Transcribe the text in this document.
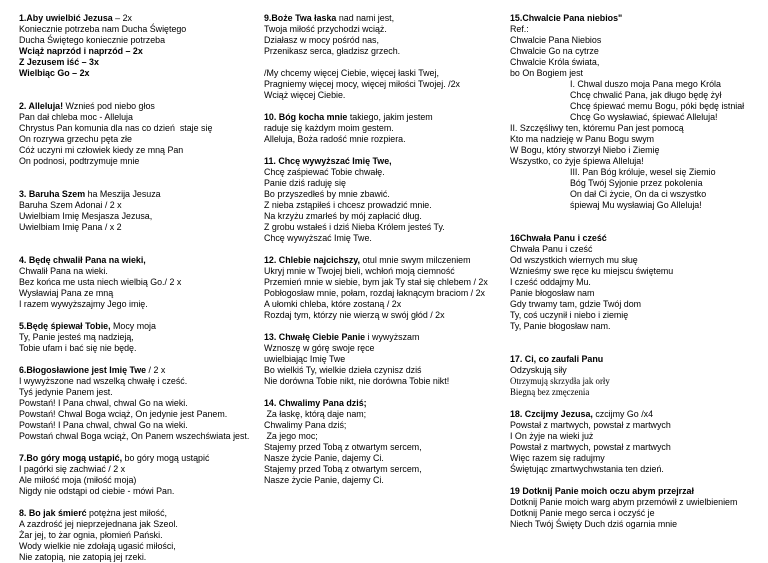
1.Aby uwielbić Jezusa – 2x
Koniecznie potrzeba nam Ducha Świętego
Ducha Świętego koniecznie potrzeba
Wciąż naprzód i naprzód – 2x
Z Jezusem iść – 3x
Wielbiąc Go – 2x
2. Alleluja! Wznieś pod niebo głos
Pan dał chleba moc - Alleluja
Chrystus Pan komunia dla nas co dzień  staje się
On rozrywa grzechu pęta złe
Cóż uczyni mi człowiek kiedy ze mną Pan
On podnosi, podtrzymuje mnie
3. Baruha Szem ha Meszija Jesuza
Baruha Szem Adonai / 2 x
Uwielbiam Imię Mesjasza Jezusa,
Uwielbiam Imię Pana / x 2
4. Będę chwalił Pana na wieki,
Chwalił Pana na wieki.
Bez końca me usta niech wielbią Go./ 2 x
Wysławiaj Pana ze mną
I razem wywyższajmy Jego imię.
5.Będę śpiewał Tobie, Mocy moja
Ty, Panie jesteś mą nadzieją,
Tobie ufam i bać się nie będę.
6.Błogosławione jest Imię Twe / 2 x
I wywyższone nad wszelką chwałę i cześć.
Tyś jedynie Panem jest.
Powstań! I Pana chwal, chwal Go na wieki.
Powstań! Chwal Boga wciąż, On jedynie jest Panem.
Powstań! I Pana chwal, chwal Go na wieki.
Powstań chwal Boga wciąż, On Panem wszechświata jest.
7.Bo góry mogą ustąpić, bo góry mogą ustąpić
I pagórki się zachwiać / 2 x
Ale miłość moja (miłość moja)
Nigdy nie odstąpi od ciebie - mówi Pan.
8. Bo jak śmierć potężna jest miłość,
A zazdrość jej nieprzejednana jak Szeol.
Żar jej, to żar ognia, płomień Pański.
Wody wielkie nie zdołają ugasić miłości,
Nie zatopią, nie zatopią jej rzeki.
9.Boże Twa łaska nad nami jest,
Twoja miłość przychodzi wciąż.
Działasz w mocy pośród nas,
Przenikasz serca, gładzisz grzech.
/My chcemy więcej Ciebie, więcej łaski Twej,
Pragniemy więcej mocy, więcej miłości Twojej. /2x
Wciąż więcej Ciebie.
10. Bóg kocha mnie takiego, jakim jestem
raduje się każdym moim gestem.
Alleluja, Boża radość mnie rozpiera.
11. Chcę wywyższać Imię Twe,
Chcę zaśpiewać Tobie chwałę.
Panie dziś raduję się
Bo przyszedłeś by mnie zbawić.
Z nieba zstąpiłeś i chcesz prowadzić mnie.
Na krzyżu zmarłeś by mój zapłacić dług.
Z grobu wstałeś i dziś Nieba Królem jesteś Ty.
Chcę wywyższać Imię Twe.
12. Chlebie najcichszy, otul mnie swym milczeniem
Ukryj mnie w Twojej bieli, wchłoń moją ciemność
Przemień mnie w siebie, bym jak Ty stał się chlebem / 2x
Pobłogosław mnie, połam, rozdaj łaknącym braciom / 2x
A ułomki chleba, które zostaną / 2x
Rozdaj tym, którzy nie wierzą w swój głód / 2x
13. Chwałę Ciebie Panie i wywyższam
Wznoszę w górę swoje ręce
uwielbiając Imię Twe
Bo wielkiś Ty, wielkie dzieła czynisz dziś
Nie dorówna Tobie nikt, nie dorówna Tobie nikt!
14. Chwalimy Pana dziś;
Za łaskę, którą daje nam;
Chwalimy Pana dziś;
Za jego moc;
Stajemy przed Tobą z otwartym sercem,
Nasze życie Panie, dajemy Ci.
Stajemy przed Tobą z otwartym sercem,
Nasze życie Panie, dajemy Ci.
15.Chwalcie Pana niebios"
Ref.:
Chwalcie Pana Niebios
Chwalcie Go na cytrze
Chwalcie Króla świata,
bo On Bogiem jest
I. Chwal duszo moja Pana mego Króla
Chcę chwalić Pana, jak długo będę żył
Chcę śpiewać memu Bogu, póki będę istniał
Chcę Go wysławiać, śpiewać Alleluja!
II. Szczęśliwy ten, któremu Pan jest pomocą
Kto ma nadzieję w Panu Bogu swym
W Bogu, który stworzył Niebo i Ziemię
Wszystko, co żyje śpiewa Alleluja!
III. Pan Bóg króluje, wesel się Ziemio
Bóg Twój Syjonie przez pokolenia
On dał Ci życie, On da ci wszystko
śpiewaj Mu wysławiaj Go Alleluja!
16Chwała Panu i cześć
Chwała Panu i cześć
Od wszystkich wiernych mu słuę
Wznieśmy swe ręce ku miejscu świętemu
I cześć oddajmy Mu.
Panie błogosław nam
Gdy trwamy tam, gdzie Twój dom
Ty, coś uczynił i niebo i ziemię
Ty, Panie błogosław nam.
17. Ci, co zaufali Panu
Odzyskują siły
Otrzymują skrzydła jak orły
Biegną bez zmęczenia
18. Czcijmy Jezusa, czcijmy Go /x4
Powstał z martwych, powstał z martwych
I On żyje na wieki już
Powstał z martwych, powstał z martwych
Więc razem się radujmy
Świętując zmartwychwstania ten dzień.
19 Dotknij Panie moich oczu abym przejrzał
Dotknij Panie moich warg abym przemówił z uwielbieniem
Dotknij Panie mego serca i oczyść je
Niech Twój Święty Duch dziś ogarnia mnie
